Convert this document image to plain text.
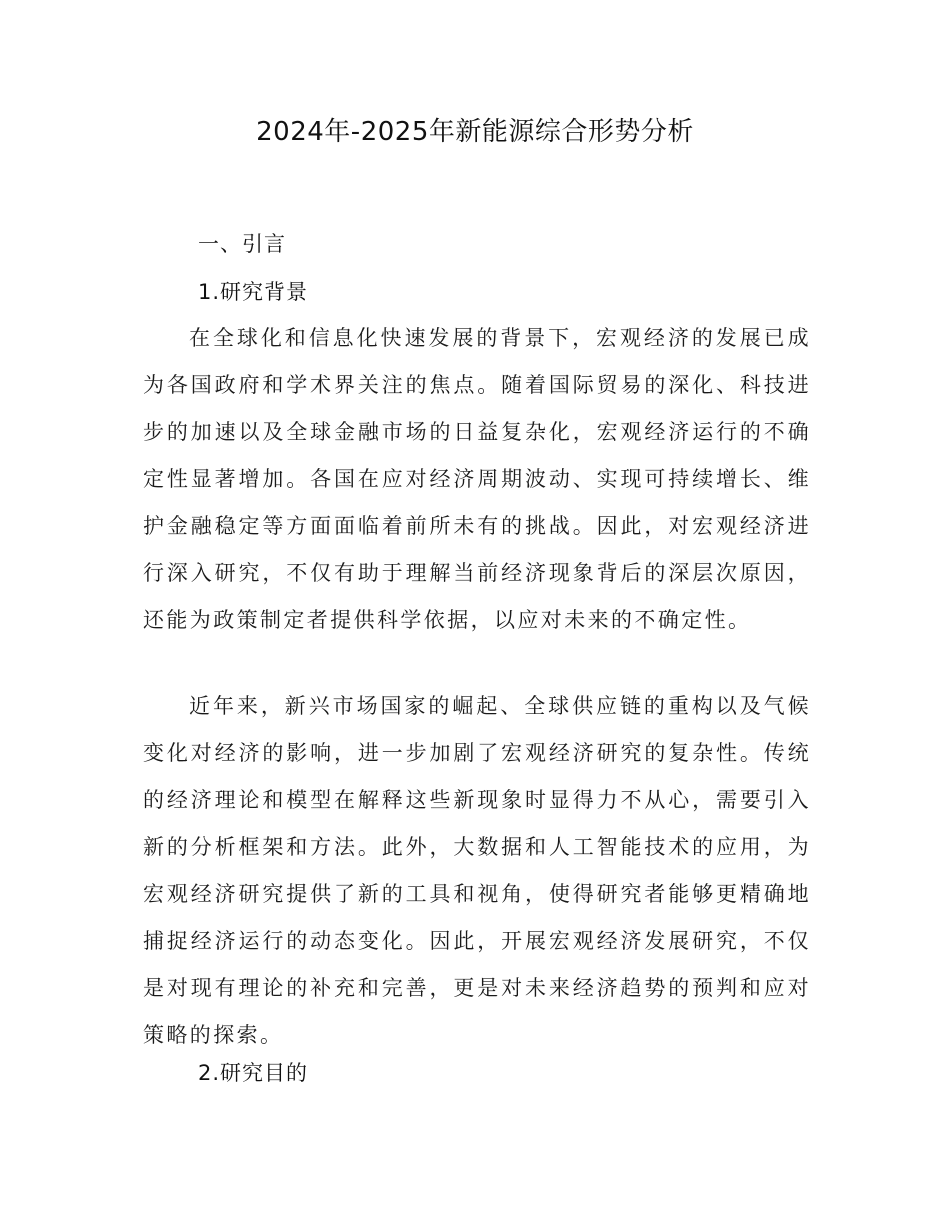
2024年-2025年新能源综合形势分析
一、引言
1.研究背景

在全球化和信息化快速发展的背景下，宏观经济的发展已成为各国政府和学术界关注的焦点。随着国际贸易的深化、科技进步的加速以及全球金融市场的日益复杂化，宏观经济运行的不确定性显著增加。各国在应对经济周期波动、实现可持续增长、维护金融稳定等方面面临着前所未有的挑战。因此，对宏观经济进行深入研究，不仅有助于理解当前经济现象背后的深层次原因，还能为政策制定者提供科学依据，以应对未来的不确定性。

近年来，新兴市场国家的崛起、全球供应链的重构以及气候变化对经济的影响，进一步加剧了宏观经济研究的复杂性。传统的经济理论和模型在解释这些新现象时显得力不从心，需要引入新的分析框架和方法。此外，大数据和人工智能技术的应用，为宏观经济研究提供了新的工具和视角，使得研究者能够更精确地捕捉经济运行的动态变化。因此，开展宏观经济发展研究，不仅是对现有理论的补充和完善，更是对未来经济趋势的预判和应对策略的探索。

2.研究目的
